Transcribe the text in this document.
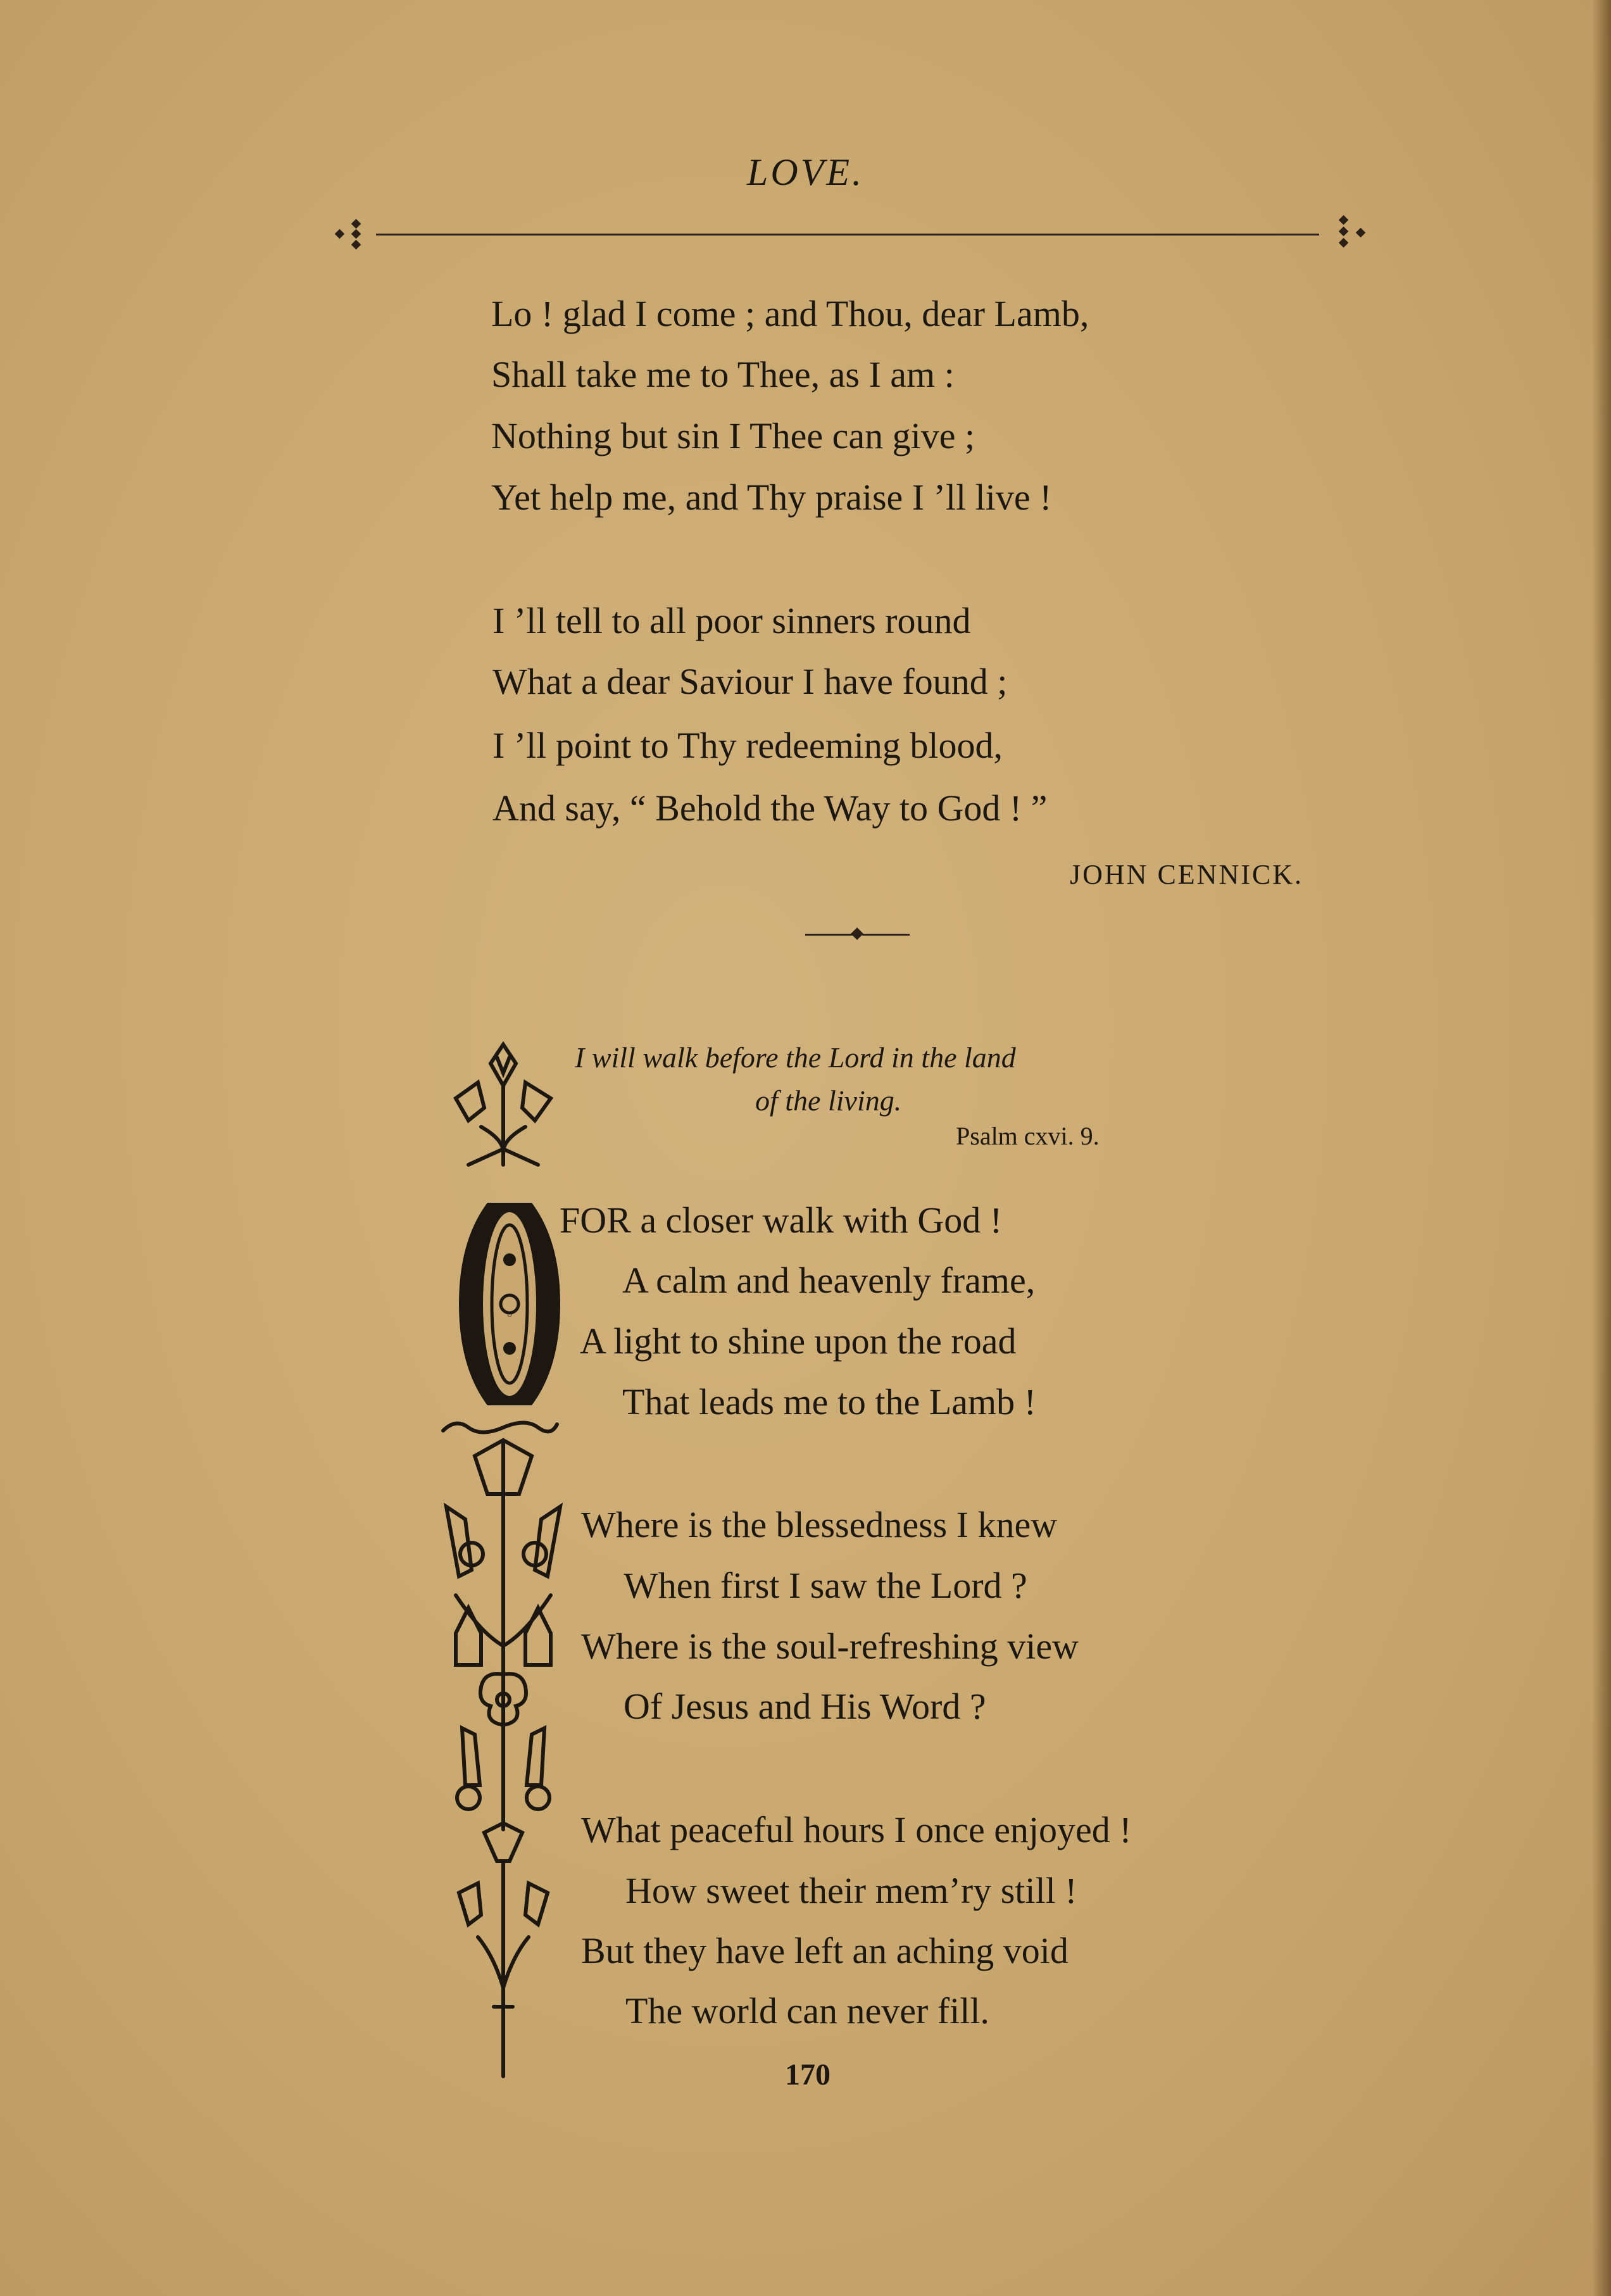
LOVE.
Lo ! glad I come ; and Thou, dear Lamb,
Shall take me to Thee, as I am :
Nothing but sin I Thee can give ;
Yet help me, and Thy praise I ’ll live !
I ’ll tell to all poor sinners round
What a dear Saviour I have found ;
I ’ll point to Thy redeeming blood,
And say, “ Behold the Way to God ! ”
JOHN CENNICK.
I will walk before the Lord in the land
of the living.
Psalm cxvi. 9.
O
FOR a closer walk with God !
A calm and heavenly frame,
A light to shine upon the road
That leads me to the Lamb !
Where is the blessedness I knew
When first I saw the Lord ?
Where is the soul-refreshing view
Of Jesus and His Word ?
What peaceful hours I once enjoyed !
How sweet their mem’ry still !
But they have left an aching void
The world can never fill.
170
